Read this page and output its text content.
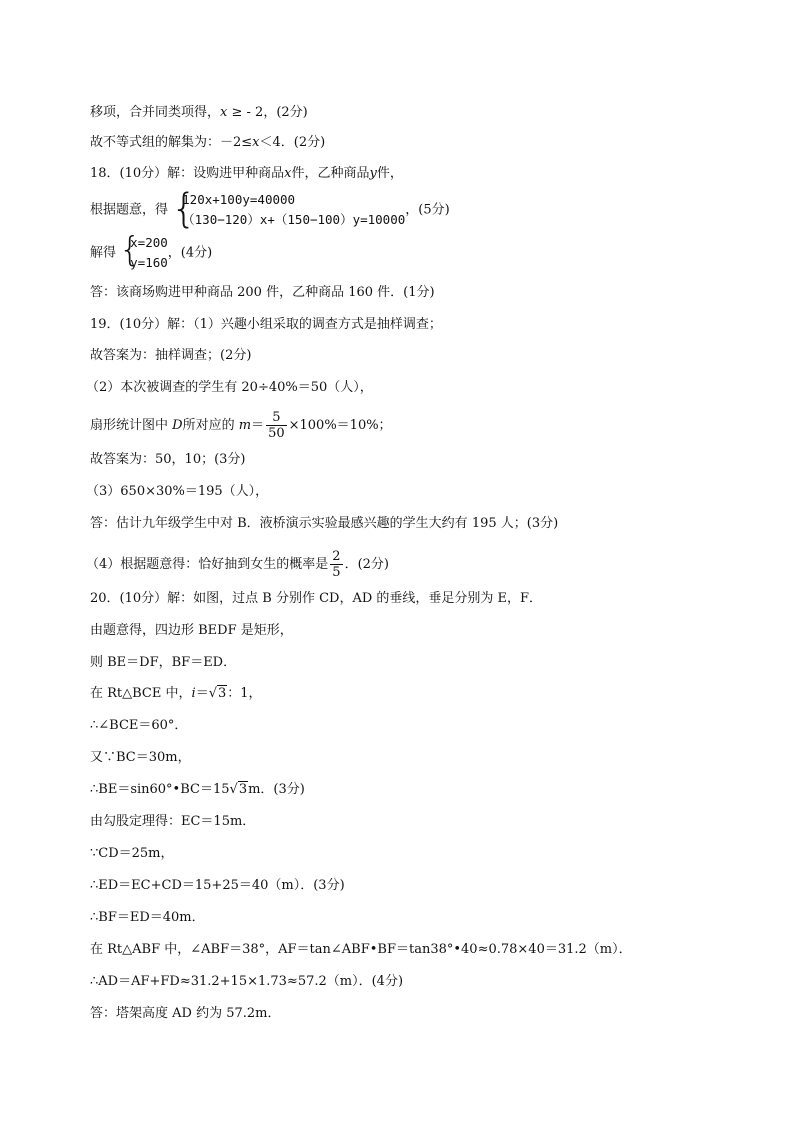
移项，合并同类项得，x ≥ - 2，(2分)
故不等式组的解集为：－2≤x＜4．(2分)
18．(10分）解：设购进甲种商品x件，乙种商品y件，
根据题意，得 {
120x+100y=40000
（130−120）x+（150−100）y=10000
，(5分)
解得 {
x=200
y=160
，(4分)
答：该商场购进甲种商品 200 件，乙种商品 160 件．(1分)
19．(10分）解：（1）兴趣小组采取的调查方式是抽样调查；
故答案为：抽样调查；(2分)
（2）本次被调查的学生有 20÷40%＝50（人），
扇形统计图中 D所对应的 $m= \frac{5}{50} \times 100\%=10\%$；
故答案为：50，10；(3分)
（3）650×30%＝195（人），
答：估计九年级学生中对 B．液桥演示实验最感兴趣的学生大约有 195 人；(3分)
（4）根据题意得：恰好抽到女生的概率是 $\frac{2}{5}$ ．(2分)
20．(10分）解：如图，过点 B 分别作 CD，AD 的垂线，垂足分别为 E，F．
由题意得，四边形 BEDF 是矩形，
则 BE＝DF，BF＝ED．
在 Rt△BCE 中，i＝√3：1，
∴∠BCE＝60°．
又∵BC＝30m，
∴BE＝sin60°•BC＝15√3m．(3分)
由勾股定理得：EC＝15m．
∵CD＝25m，
∴ED＝EC+CD＝15+25＝40（m）．(3分)
∴BF＝ED＝40m．
在 Rt△ABF 中，∠ABF＝38°，AF＝tan∠ABF•BF＝tan38°•40≈0.78×40＝31.2（m）．
∴AD＝AF+FD≈31.2+15×1.73≈57.2（m）．(4分)
答：塔架高度 AD 约为 57.2m．
